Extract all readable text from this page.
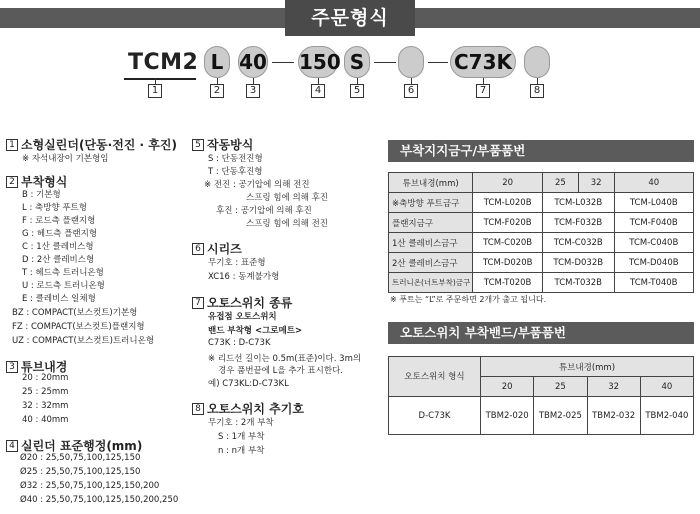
주문형식
TCM2 L 40 150 S	C73K
1	2	3	4	5	6	7	8
1 소형실린더(단동·전진 · 후진)
※ 자석내장이 기본형임
2 부착형식
B : 기본형
L : 축방향 푸트형
F : 로드측 플랜지형
G : 헤드측 플랜지형
C : 1산 클레비스형
D : 2산 클레비스형
T : 헤드측 트러니온형
U : 로드측 트러니온형
E : 클레비스 일체형
BZ : COMPACT(보스컷트)기본형
FZ : COMPACT(보스컷트)플랜지형
UZ : COMPACT(보스컷트)트러니온형
3 튜브내경
20 : 20mm
25 : 25mm
32 : 32mm
40 : 40mm
4 실린더 표준행정(mm)
Ø20 : 25,50,75,100,125,150
Ø25 : 25,50,75,100,125,150
Ø32 : 25,50,75,100,125,150,200
Ø40 : 25,50,75,100,125,150,200,250
5 작동방식
S : 단동전진형
T : 단동후진형
※ 전진 : 공기압에 의해 전진
스프링 힘에 의해 후진
후진 : 공기압에 의해 후진
스프링 힘에 의해 전진
6 시리즈
무기호 : 표준형
XC16 : 동계불가형
7 오토스위치 종류
유접점 오토스위치
밴드 부착형 <그로메트>
C73K : D-C73K
※ 리드선 길이는 0.5m(표준)이다. 3m의
경우 품번끝에 L을 추가 표시한다.
예) C73KL:D-C73KL
8 오토스위치 추기호
무기호 : 2개 부착
S : 1개 부착
n : n개 부착
부착지지금구/부품품번
튜브내경(mm)	20	25	32	40
※축방향 푸트금구	TCM-L020B	TCM-L032B		TCM-L040B
플랜지금구	TCM-F020B	TCM-F032B		TCM-F040B
1산 클레비스금구	TCM-C020B	TCM-C032B		TCM-C040B
2산 클레비스금구	TCM-D020B	TCM-D032B		TCM-D040B
트러니온(너트부착)금구	TCM-T020B	TCM-T032B		TCM-T040B
※ 푸트는 “L”로 주문하면 2개가 출고 됩니다.
오토스위치 부착밴드/부품품번
오토스위치 형식	튜브내경(mm)			
	20	25	32	40
D-C73K	TBM2-020	TBM2-025	TBM2-032	TBM2-040
